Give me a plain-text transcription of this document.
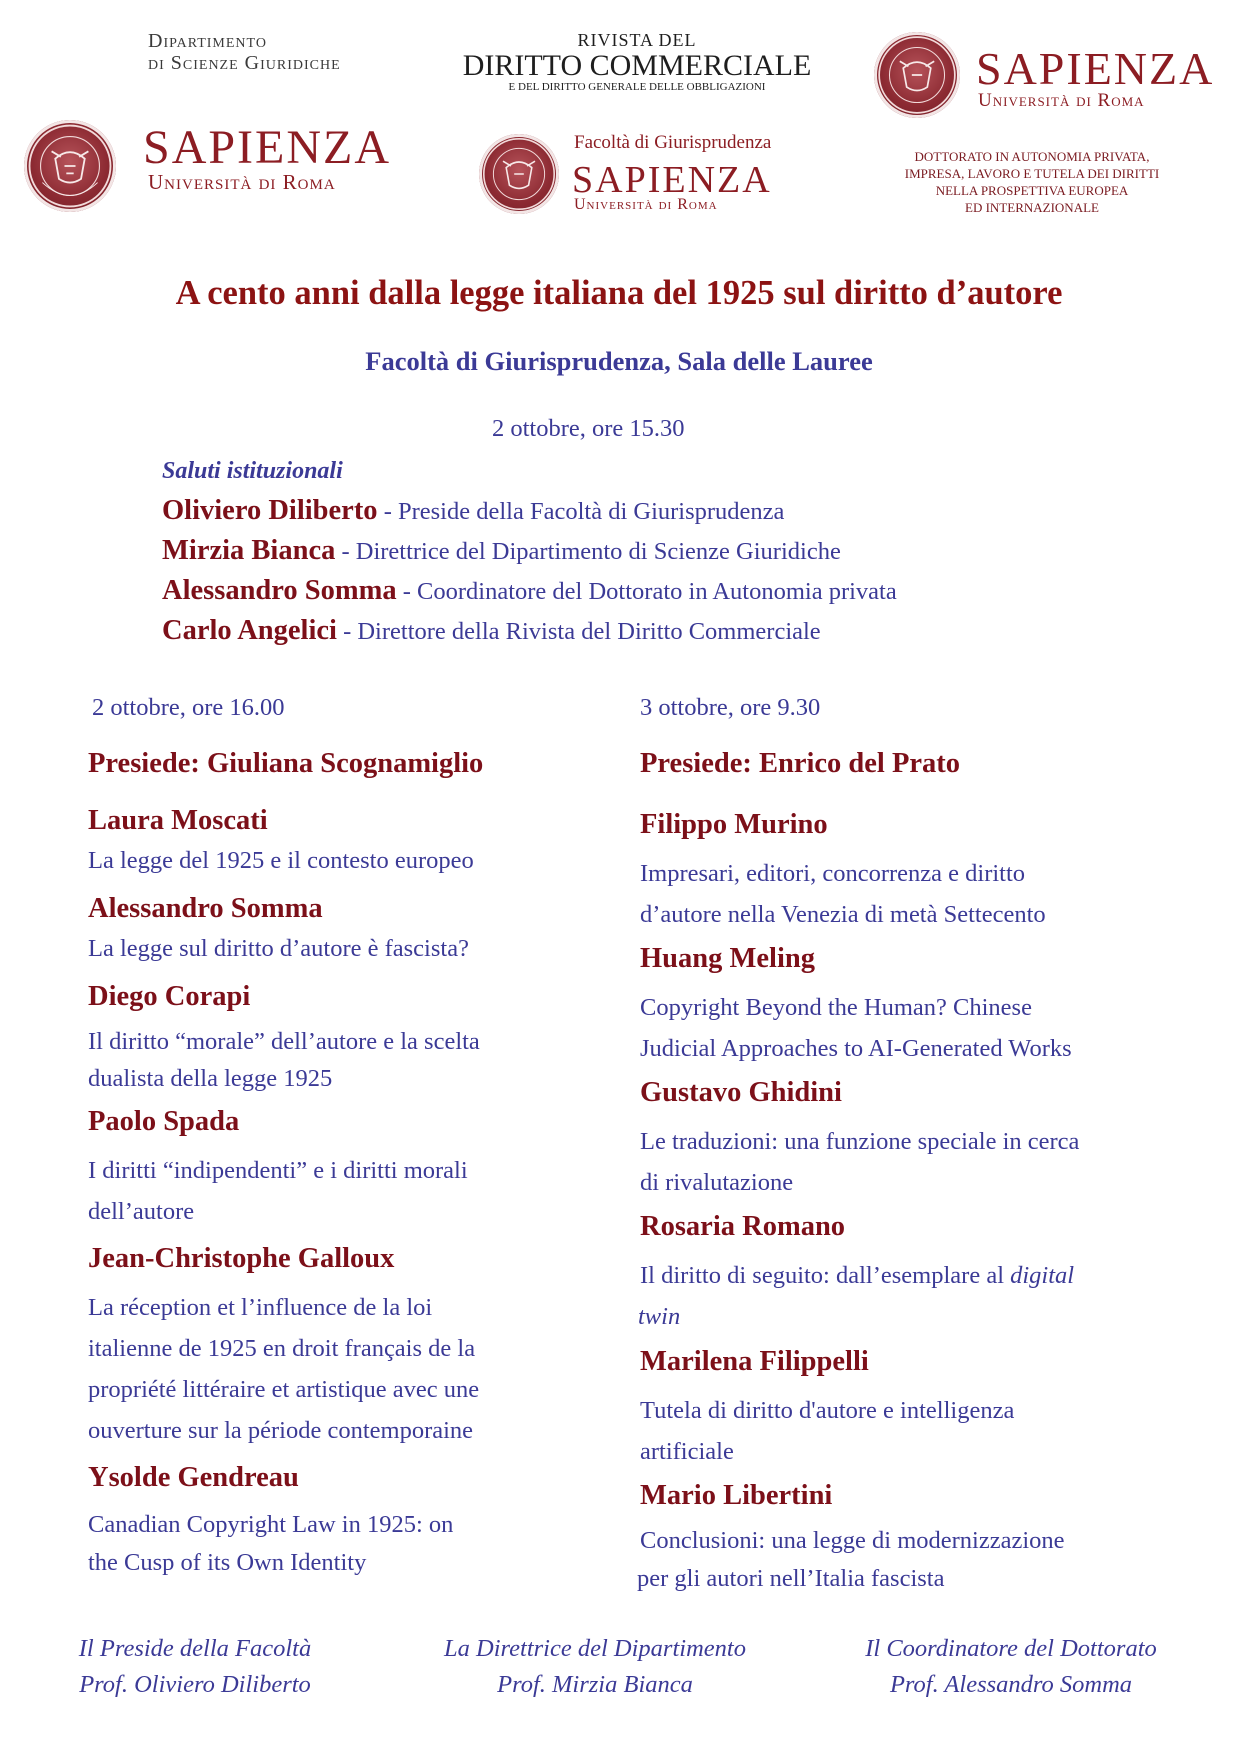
Dipartimento
di Scienze Giuridiche
SAPIENZA
Università di Roma
RIVISTA DEL
DIRITTO COMMERCIALE
E DEL DIRITTO GENERALE DELLE OBBLIGAZIONI
Facoltà di Giurisprudenza
SAPIENZA
Università di Roma
SAPIENZA
Università di Roma
DOTTORATO IN AUTONOMIA PRIVATA,
IMPRESA, LAVORO E TUTELA DEI DIRITTI
NELLA PROSPETTIVA EUROPEA
ED INTERNAZIONALE
A cento anni dalla legge italiana del 1925 sul diritto d’autore
Facoltà di Giurisprudenza, Sala delle Lauree
2 ottobre, ore 15.30
Saluti istituzionali
Oliviero Diliberto - Preside della Facoltà di Giurisprudenza
Mirzia Bianca - Direttrice del Dipartimento di Scienze Giuridiche
Alessandro Somma - Coordinatore del Dottorato in Autonomia privata
Carlo Angelici - Direttore della Rivista del Diritto Commerciale
2 ottobre, ore 16.00
Presiede: Giuliana Scognamiglio
Laura Moscati
La legge del 1925 e il contesto europeo
Alessandro Somma
La legge sul diritto d’autore è fascista?
Diego Corapi
Il diritto “morale” dell’autore e la scelta
dualista della legge 1925
Paolo Spada
I diritti “indipendenti” e i diritti morali
dell’autore
Jean-Christophe Galloux
La réception et l’influence de la loi
italienne de 1925 en droit français de la
propriété littéraire et artistique avec une
ouverture sur la période contemporaine
Ysolde Gendreau
Canadian Copyright Law in 1925: on
the Cusp of its Own Identity
3 ottobre, ore 9.30
Presiede: Enrico del Prato
Filippo Murino
Impresari, editori, concorrenza e diritto
d’autore nella Venezia di metà Settecento
Huang Meling
Copyright Beyond the Human? Chinese
Judicial Approaches to AI-Generated Works
Gustavo Ghidini
Le traduzioni: una funzione speciale in cerca
di rivalutazione
Rosaria Romano
Il diritto di seguito: dall’esemplare al digital
twin
Marilena Filippelli
Tutela di diritto d'autore e intelligenza
artificiale
Mario Libertini
Conclusioni: una legge di modernizzazione
per gli autori nell’Italia fascista
Il Preside della Facoltà
Prof. Oliviero Diliberto
La Direttrice del Dipartimento
Prof. Mirzia Bianca
Il Coordinatore del Dottorato
Prof. Alessandro Somma
